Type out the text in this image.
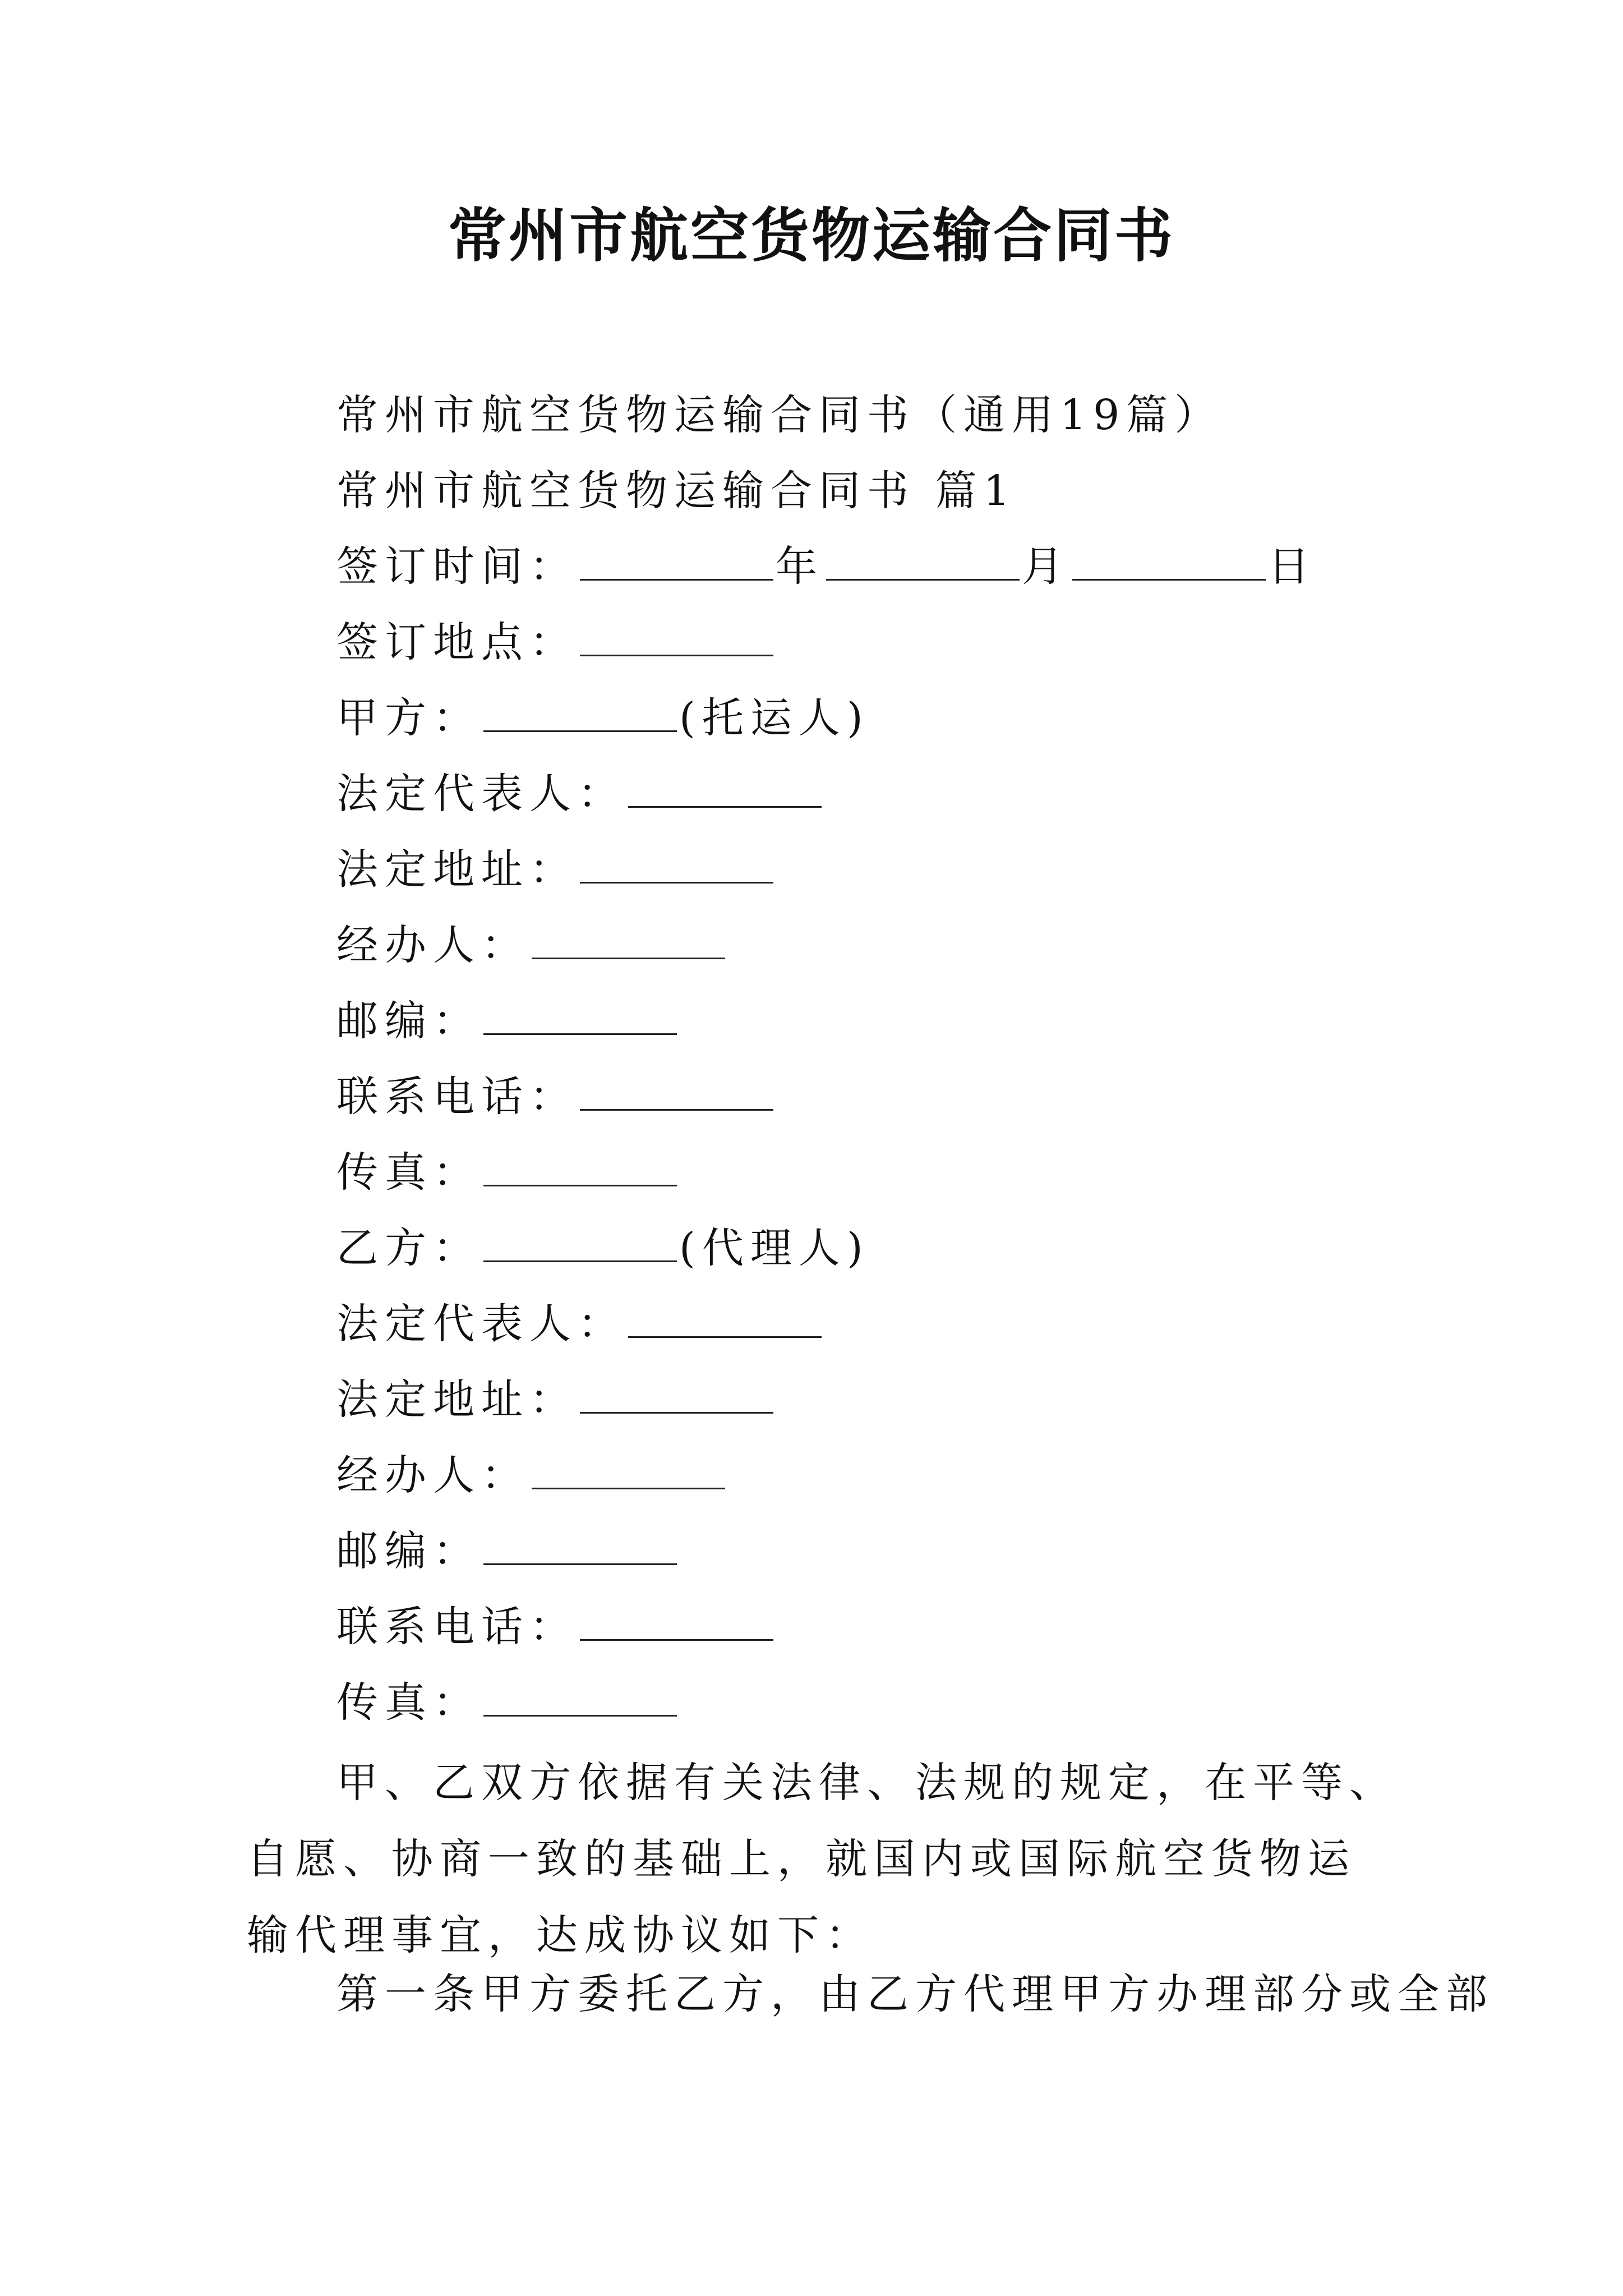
常州市航空货物运输合同书
常州市航空货物运输合同书（通用19篇）
常州市航空货物运输合同书 篇1
签订时间：	年	月	日
签订地点：
甲方：	(托运人)
法定代表人：
法定地址：
经办人：
邮编：
联系电话：
传真：
乙方：	(代理人)
法定代表人：
法定地址：
经办人：
邮编：
联系电话：
传真：
甲、乙双方依据有关法律、法规的规定，在平等、自愿、协商一致的基础上，就国内或国际航空货物运输代理事宜，达成协议如下：
第一条甲方委托乙方，由乙方代理甲方办理部分或全部
